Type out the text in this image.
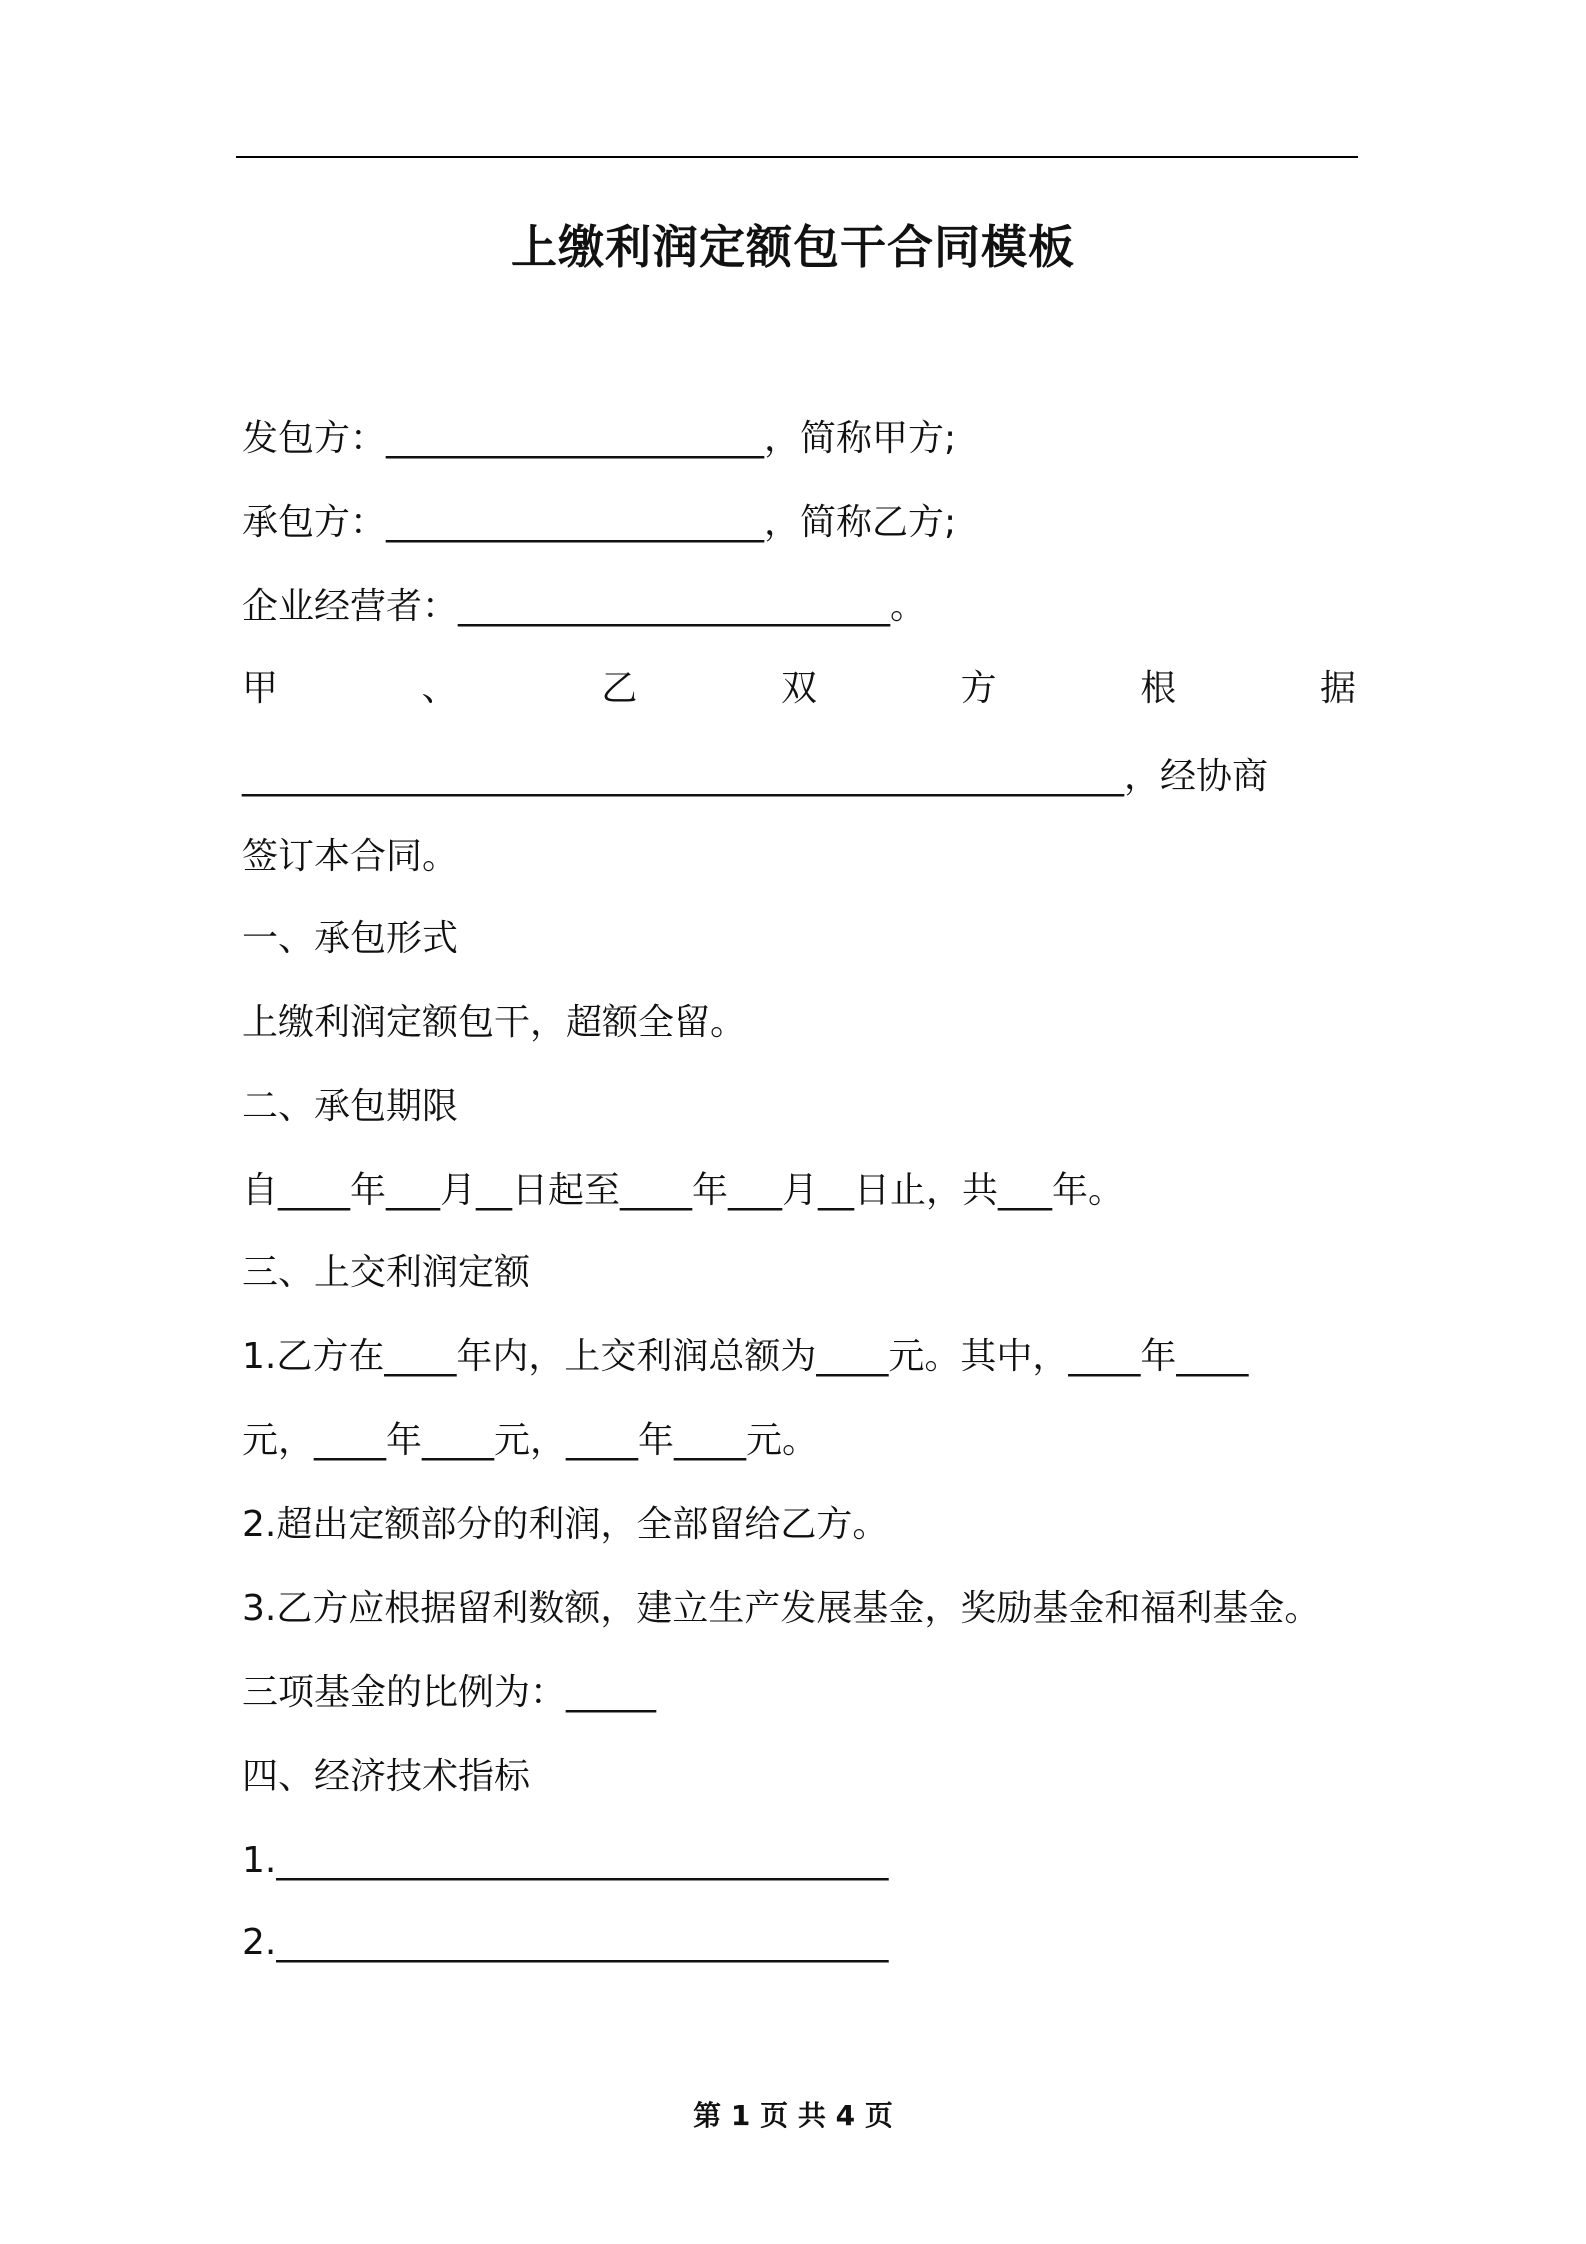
上缴利润定额包干合同模板
发包方：_____________________，简称甲方;
承包方：_____________________，简称乙方;
企业经营者：________________________。
甲	、	乙	双	方	根	据
_________________________________________________，经协商
签订本合同。
一、承包形式
上缴利润定额包干，超额全留。
二、承包期限
自____年___月__日起至____年___月__日止，共___年。
三、上交利润定额
1.乙方在____年内，上交利润总额为____元。其中，____年____
元，____年____元，____年____元。
2.超出定额部分的利润，全部留给乙方。
3.乙方应根据留利数额，建立生产发展基金，奖励基金和福利基金。
三项基金的比例为：_____
四、经济技术指标
1.__________________________________
2.__________________________________
第 1 页 共 4 页
